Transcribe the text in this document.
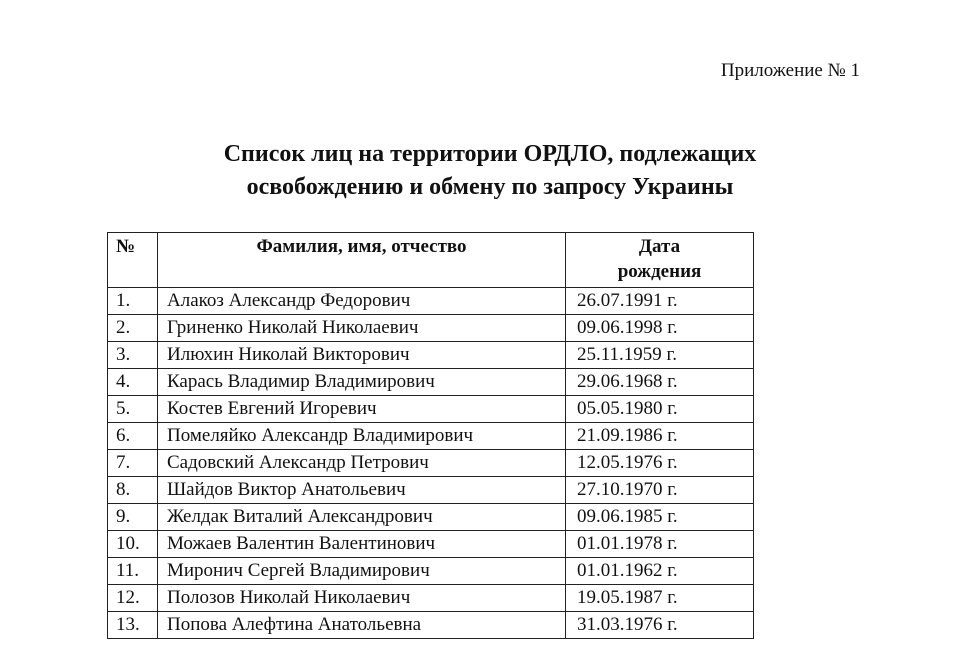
Приложение № 1
Список лиц на территории ОРДЛО, подлежащих
освобождению и обмену по запросу Украины
№	Фамилия, имя, отчество	Дата
рождения

1.	Алакоз Александр Федорович	26.07.1991 г.
2.	Гриненко Николай Николаевич	09.06.1998 г.
3.	Илюхин Николай Викторович	25.11.1959 г.
4.	Карась Владимир Владимирович	29.06.1968 г.
5.	Костев Евгений Игоревич	05.05.1980 г.
6.	Помеляйко Александр Владимирович	21.09.1986 г.
7.	Садовский Александр Петрович	12.05.1976 г.
8.	Шайдов Виктор Анатольевич	27.10.1970 г.
9.	Желдак Виталий Александрович	09.06.1985 г.
10.	Можаев Валентин Валентинович	01.01.1978 г.
11.	Миронич Сергей Владимирович	01.01.1962 г.
12.	Полозов Николай Николаевич	19.05.1987 г.
13.	Попова Алефтина Анатольевна	31.03.1976 г.
